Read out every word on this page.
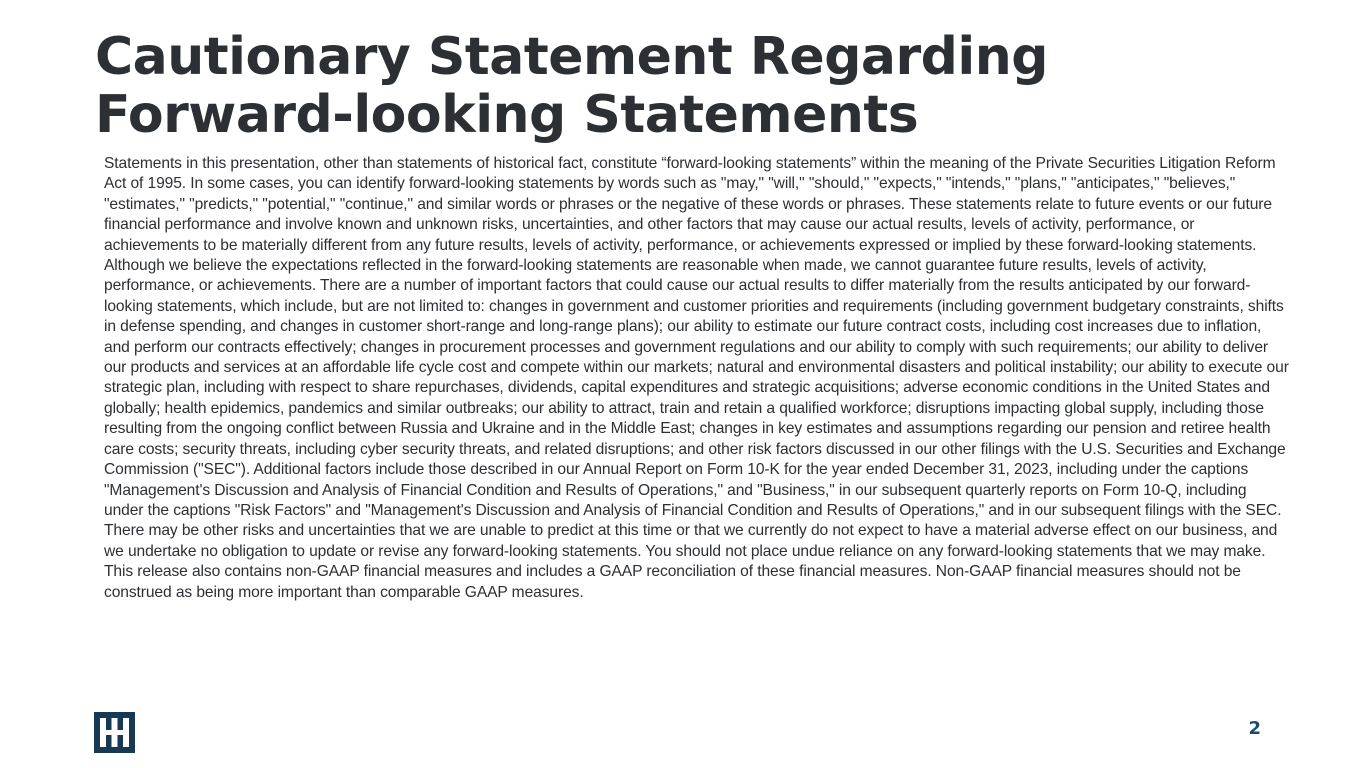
Cautionary Statement Regarding
Forward-looking Statements

Statements in this presentation, other than statements of historical fact, constitute “forward-looking statements” within the meaning of the Private Securities Litigation Reform Act of 1995. In some cases, you can identify forward-looking statements by words such as "may," "will," "should," "expects," "intends," "plans," "anticipates," "believes," "estimates," "predicts," "potential," "continue," and similar words or phrases or the negative of these words or phrases. These statements relate to future events or our future financial performance and involve known and unknown risks, uncertainties, and other factors that may cause our actual results, levels of activity, performance, or achievements to be materially different from any future results, levels of activity, performance, or achievements expressed or implied by these forward-looking statements. Although we believe the expectations reflected in the forward-looking statements are reasonable when made, we cannot guarantee future results, levels of activity, performance, or achievements. There are a number of important factors that could cause our actual results to differ materially from the results anticipated by our forward-looking statements, which include, but are not limited to: changes in government and customer priorities and requirements (including government budgetary constraints, shifts in defense spending, and changes in customer short-range and long-range plans); our ability to estimate our future contract costs, including cost increases due to inflation, and perform our contracts effectively; changes in procurement processes and government regulations and our ability to comply with such requirements; our ability to deliver our products and services at an affordable life cycle cost and compete within our markets; natural and environmental disasters and political instability; our ability to execute our strategic plan, including with respect to share repurchases, dividends, capital expenditures and strategic acquisitions; adverse economic conditions in the United States and globally; health epidemics, pandemics and similar outbreaks; our ability to attract, train and retain a qualified workforce; disruptions impacting global supply, including those resulting from the ongoing conflict between Russia and Ukraine and in the Middle East; changes in key estimates and assumptions regarding our pension and retiree health care costs; security threats, including cyber security threats, and related disruptions; and other risk factors discussed in our other filings with the U.S. Securities and Exchange Commission ("SEC"). Additional factors include those described in our Annual Report on Form 10-K for the year ended December 31, 2023, including under the captions "Management's Discussion and Analysis of Financial Condition and Results of Operations," and "Business," in our subsequent quarterly reports on Form 10-Q, including under the captions "Risk Factors" and "Management's Discussion and Analysis of Financial Condition and Results of Operations," and in our subsequent filings with the SEC. There may be other risks and uncertainties that we are unable to predict at this time or that we currently do not expect to have a material adverse effect on our business, and we undertake no obligation to update or revise any forward-looking statements. You should not place undue reliance on any forward-looking statements that we may make. This release also contains non-GAAP financial measures and includes a GAAP reconciliation of these financial measures. Non-GAAP financial measures should not be construed as being more important than comparable GAAP measures.

2
